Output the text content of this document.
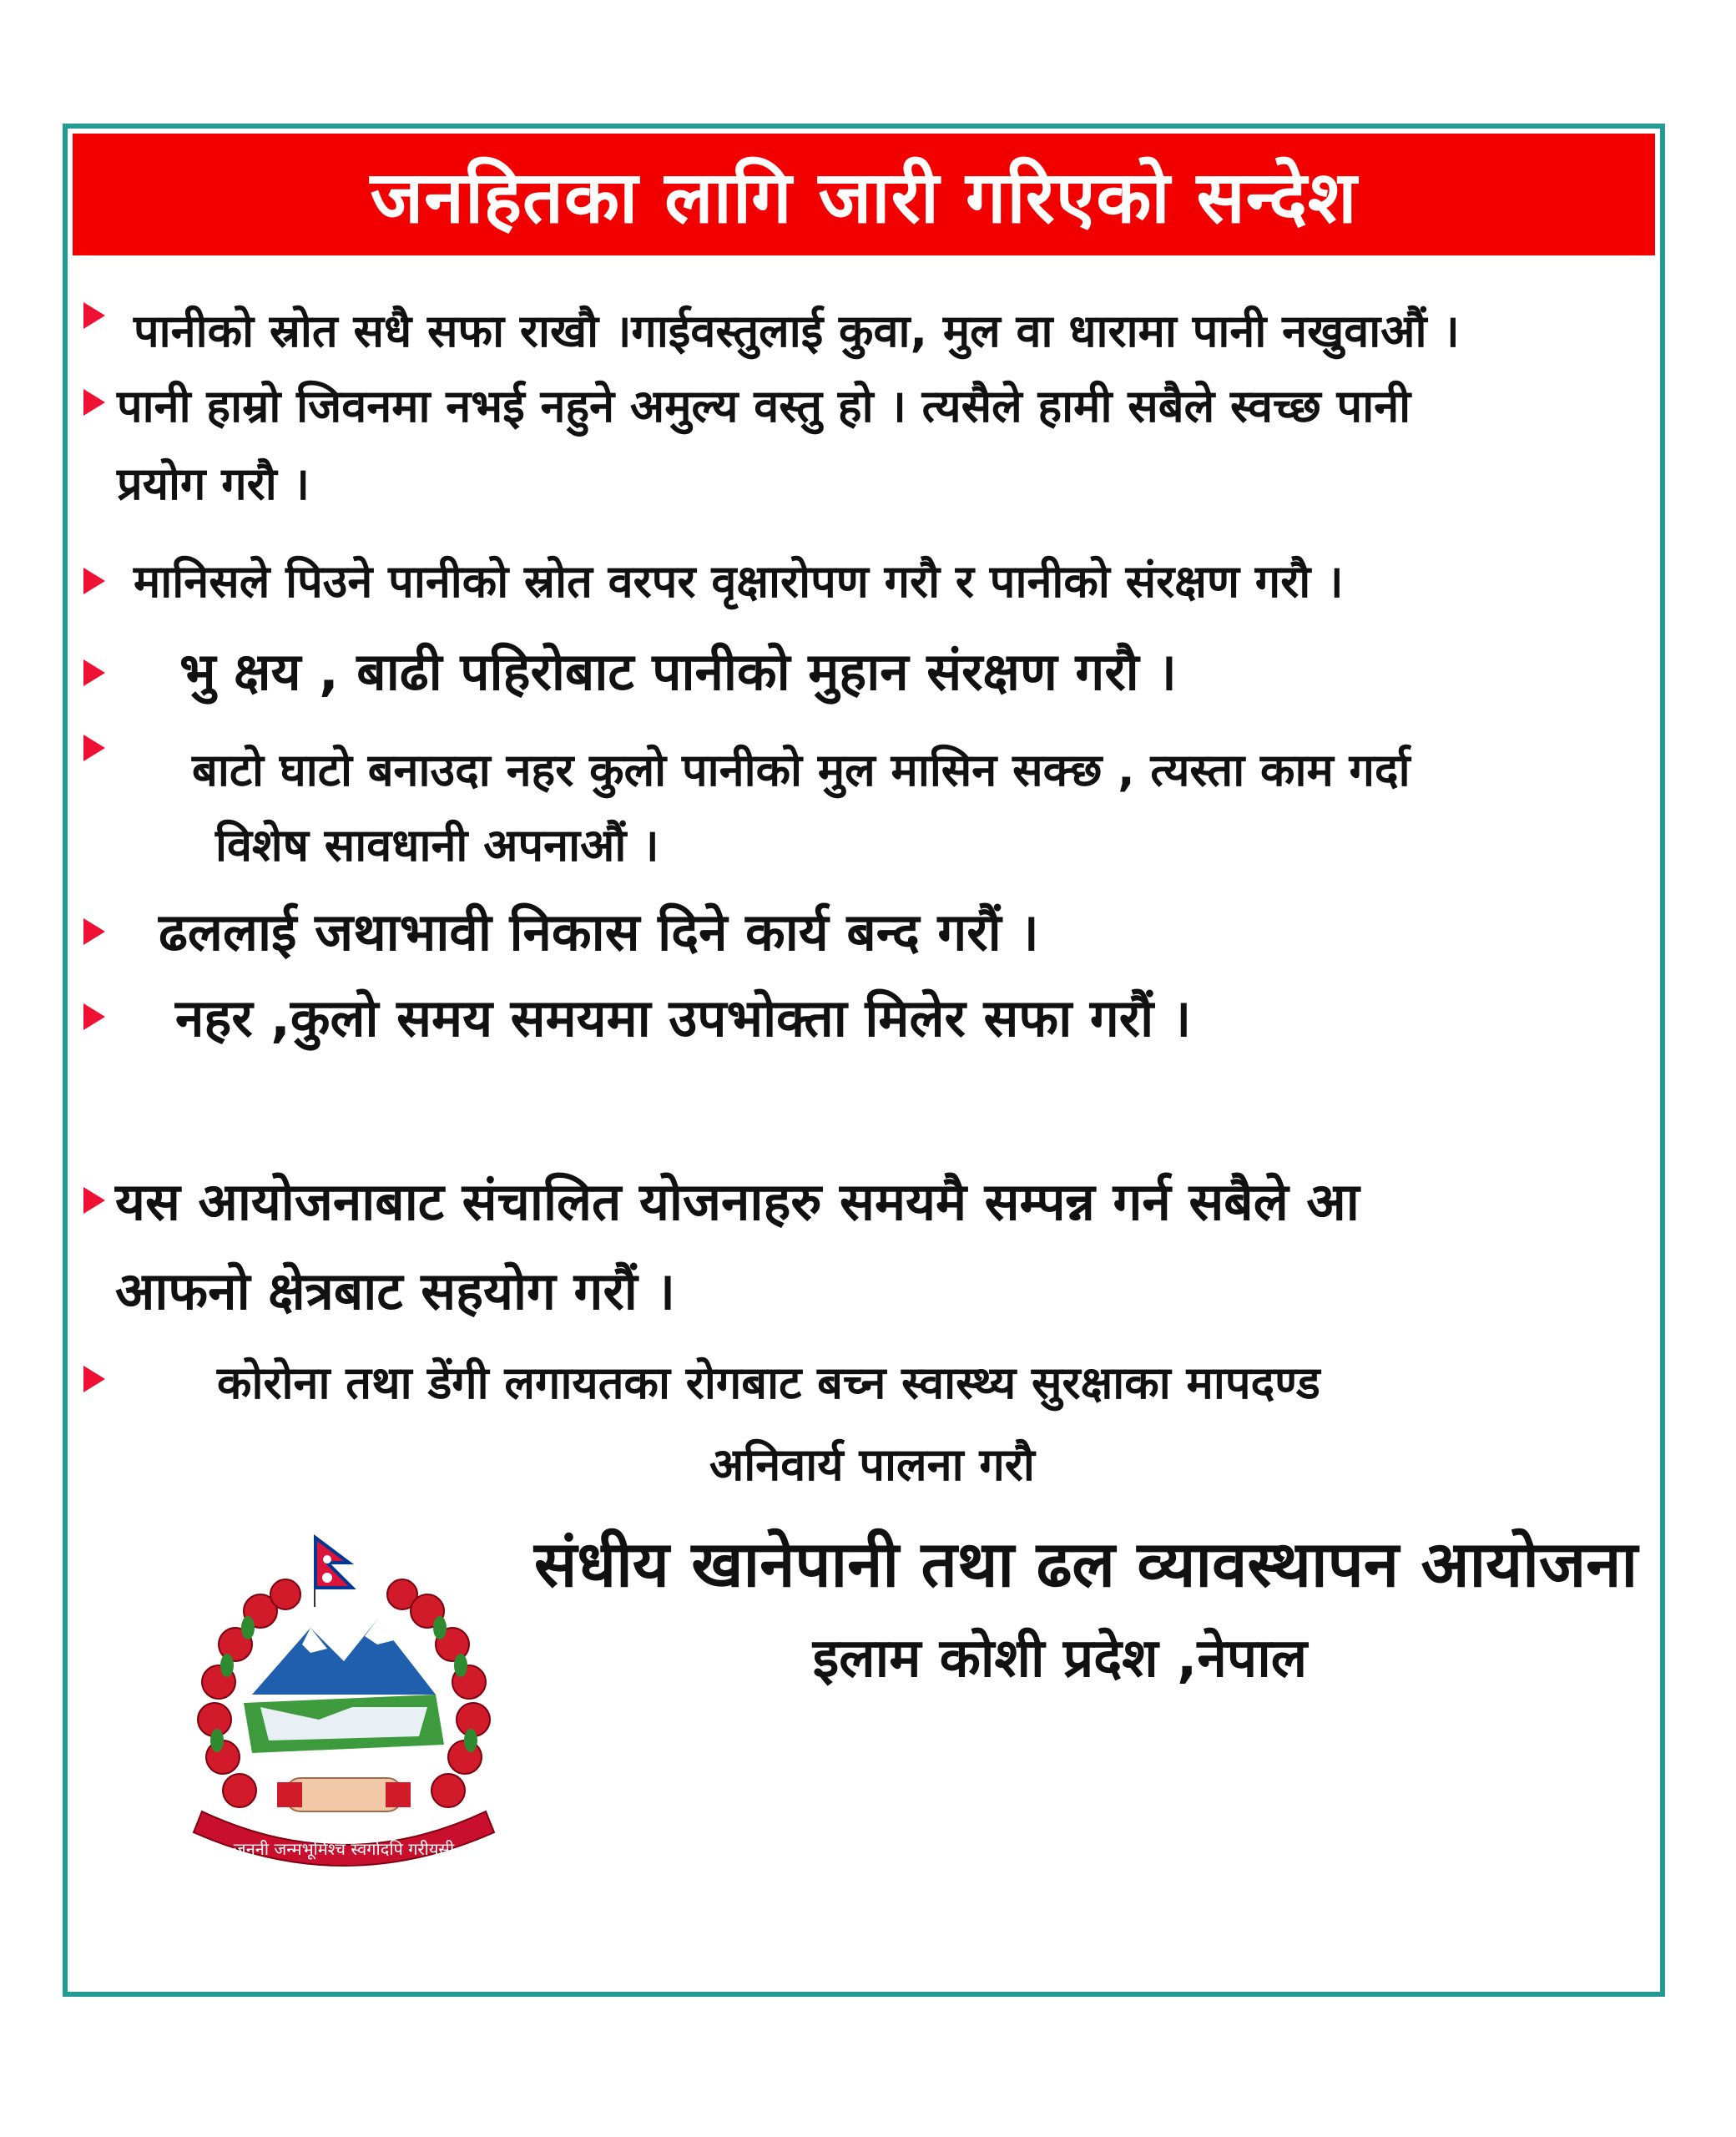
जनहितका लागि जारी गरिएको सन्देश
पानीको स्रोत सधै सफा राखौ ।गाईवस्तुलाई कुवा, मुल वा धारामा पानी नखुवाऔं ।
पानी हाम्रो जिवनमा नभई नहुने अमुल्य वस्तु हो । त्यसैले हामी सबैले स्वच्छ पानी
प्रयोग गरौ ।
मानिसले पिउने पानीको स्रोत वरपर वृक्षारोपण गरौ र पानीको संरक्षण गरौ ।
भु क्षय , बाढी पहिरोबाट पानीको मुहान संरक्षण गरौ ।
बाटो घाटो बनाउदा नहर कुलो पानीको मुल मासिन सक्छ , त्यस्ता काम गर्दा
विशेष सावधानी अपनाऔं ।
ढललाई जथाभावी निकास दिने कार्य बन्द गरौं ।
नहर ,कुलो समय समयमा उपभोक्ता मिलेर सफा गरौं ।
यस आयोजनाबाट संचालित योजनाहरु समयमै सम्पन्न गर्न सबैले आ
आफनो क्षेत्रबाट सहयोग गरौं ।
कोरोना तथा डेंगी लगायतका रोगबाट बच्न स्वास्थ्य सुरक्षाका मापदण्ड
अनिवार्य पालना गरौ
जननी जन्मभूमिश्च स्वर्गादपि गरीयसी
संधीय खानेपानी तथा ढल व्यावस्थापन आयोजना
इलाम कोशी प्रदेश ,नेपाल
